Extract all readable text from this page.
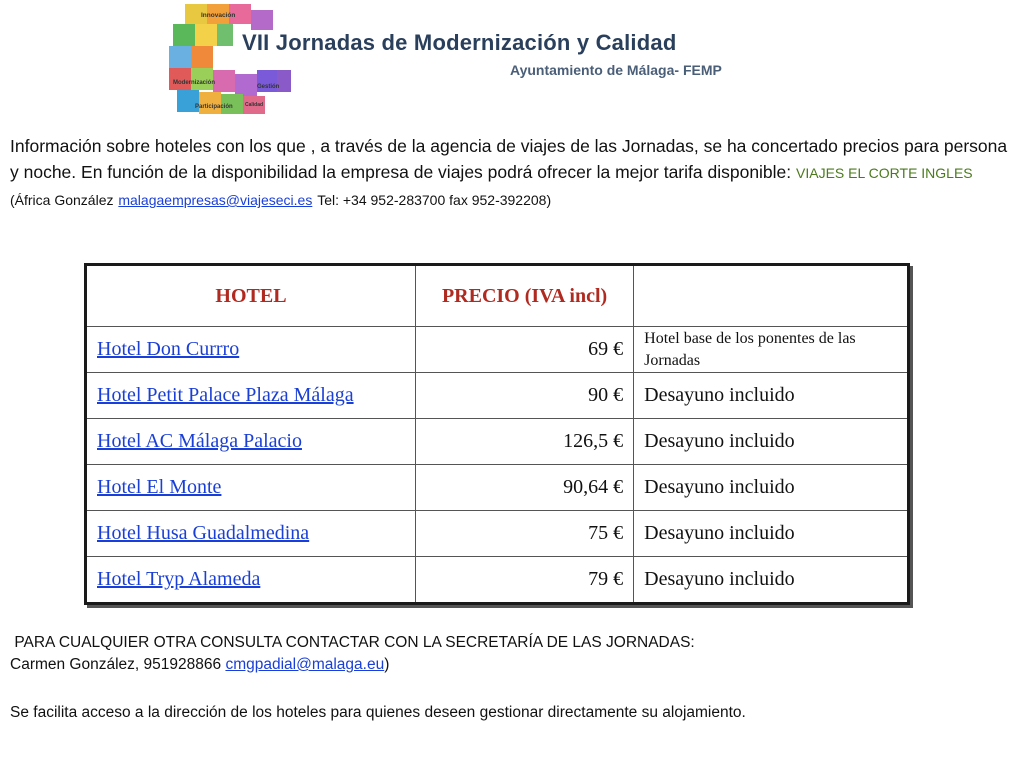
Innovación
Modernización
Gestión
Participación Calidad
VII Jornadas de Modernización y Calidad
Ayuntamiento de Málaga- FEMP
Información sobre hoteles con los que , a través de la agencia de viajes de las Jornadas, se ha concertado precios para persona y noche. En función de la disponibilidad la empresa de viajes podrá ofrecer la mejor tarifa disponible: VIAJES EL CORTE INGLES (África González malagaempresas@viajeseci.es Tel: +34 952-283700 fax 952-392208)
HOTEL	PRECIO (IVA incl)	
Hotel Don Currro	69 €	Hotel base de los ponentes de las Jornadas
Hotel Petit Palace Plaza Málaga	90 €	Desayuno incluido
Hotel AC Málaga Palacio	126,5 €	Desayuno incluido
Hotel El Monte	90,64 €	Desayuno incluido
Hotel Husa Guadalmedina	75 €	Desayuno incluido
Hotel Tryp Alameda	79 €	Desayuno incluido
PARA CUALQUIER OTRA CONSULTA CONTACTAR CON LA SECRETARÍA DE LAS JORNADAS:
Carmen González, 951928866 cmgpadial@malaga.eu)
Se facilita acceso a la dirección de los hoteles para quienes deseen gestionar directamente su alojamiento.
